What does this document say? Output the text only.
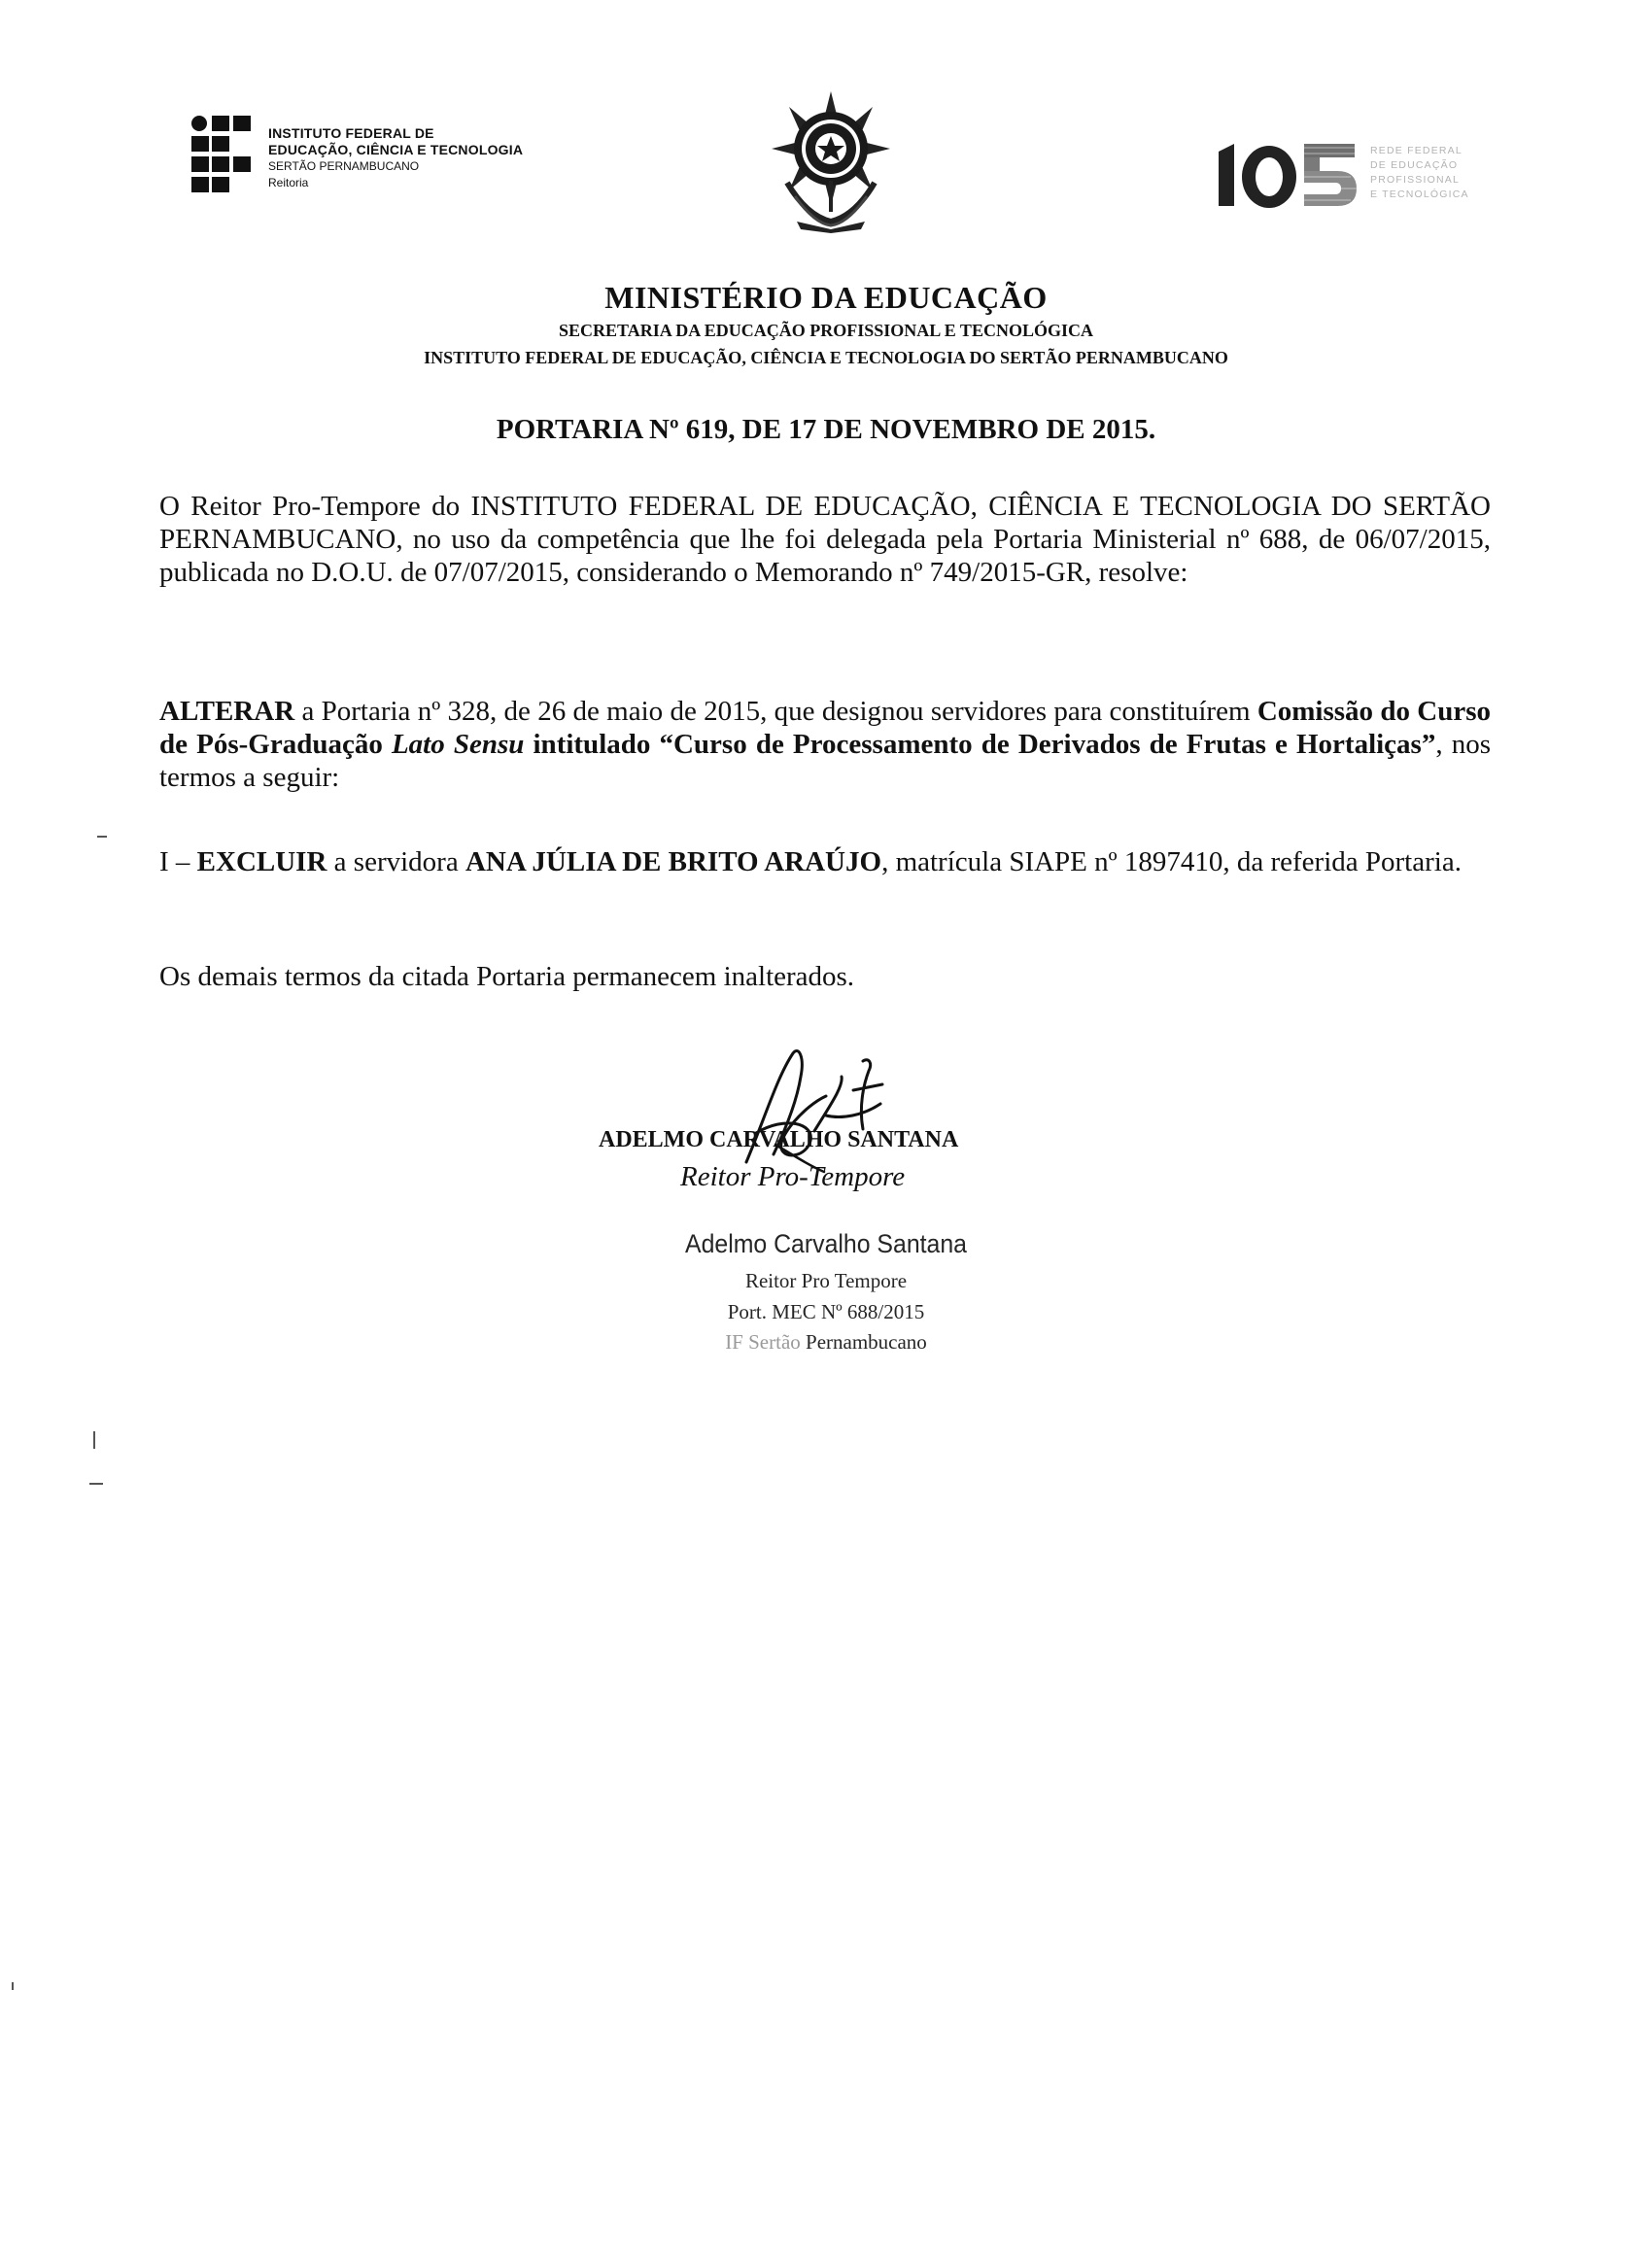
INSTITUTO FEDERAL DE
EDUCAÇÃO, CIÊNCIA E TECNOLOGIA
SERTÃO PERNAMBUCANO
Reitoria
REDE FEDERAL
DE EDUCAÇÃO
PROFISSIONAL
E TECNOLÓGICA
MINISTÉRIO DA EDUCAÇÃO

SECRETARIA DA EDUCAÇÃO PROFISSIONAL E TECNOLÓGICA

INSTITUTO FEDERAL DE EDUCAÇÃO, CIÊNCIA E TECNOLOGIA DO SERTÃO PERNAMBUCANO

PORTARIA Nº 619, DE 17 DE NOVEMBRO DE 2015.

O Reitor Pro-Tempore do INSTITUTO FEDERAL DE EDUCAÇÃO, CIÊNCIA E TECNOLOGIA DO SERTÃO PERNAMBUCANO, no uso da competência que lhe foi delegada pela Portaria Ministerial nº 688, de 06/07/2015, publicada no D.O.U. de 07/07/2015, considerando o Memorando nº 749/2015-GR, resolve:

ALTERAR a Portaria nº 328, de 26 de maio de 2015, que designou servidores para constituírem Comissão do Curso de Pós-Graduação Lato Sensu intitulado “Curso de Processamento de Derivados de Frutas e Hortaliças”, nos termos a seguir:

I – EXCLUIR a servidora ANA JÚLIA DE BRITO ARAÚJO, matrícula SIAPE nº 1897410, da referida Portaria.

Os demais termos da citada Portaria permanecem inalterados.

ADELMO CARVALHO SANTANA

Reitor Pro-Tempore

Adelmo Carvalho Santana
Reitor Pro Tempore
Port. MEC Nº 688/2015
IF Sertão Pernambucano
